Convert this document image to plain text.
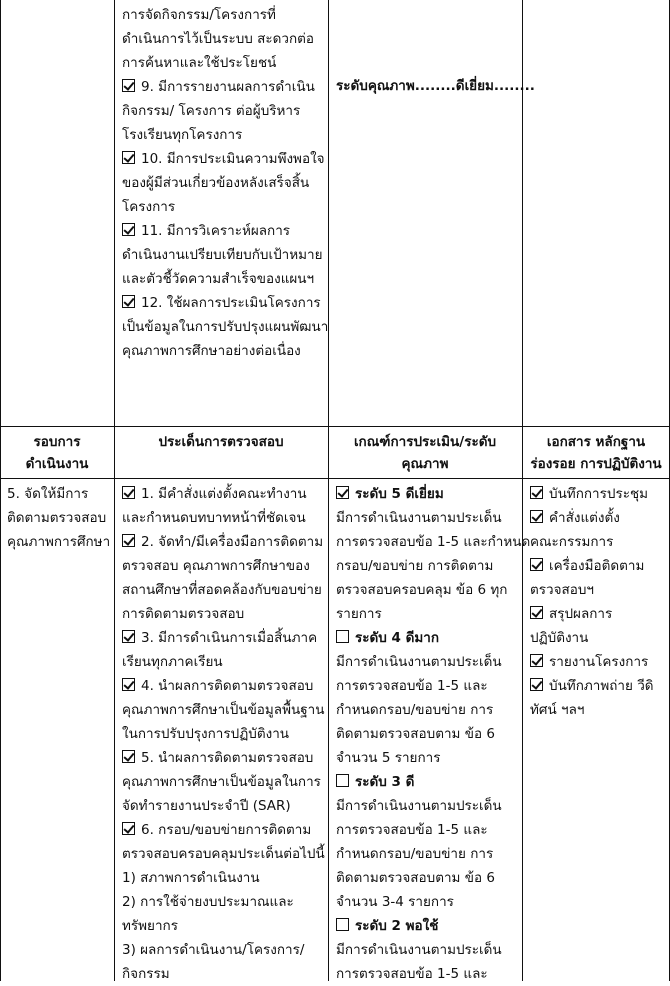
การจัดกิจกรรม/โครงการที่
ดำเนินการไว้เป็นระบบ สะดวกต่อ
การค้นหาและใช้ประโยชน์
9. มีการรายงานผลการดำเนิน
กิจกรรม/ โครงการ ต่อผู้บริหาร
โรงเรียนทุกโครงการ
10. มีการประเมินความพึงพอใจ
ของผู้มีส่วนเกี่ยวข้องหลังเสร็จสิ้น
โครงการ
11. มีการวิเคราะห์ผลการ
ดำเนินงานเปรียบเทียบกับเป้าหมาย
และตัวชี้วัดความสำเร็จของแผนฯ
12. ใช้ผลการประเมินโครงการ
เป็นข้อมูลในการปรับปรุงแผนพัฒนา
คุณภาพการศึกษาอย่างต่อเนื่อง
ระดับคุณภาพ........ดีเยี่ยม........
รอบการ
ดำเนินงาน
ประเด็นการตรวจสอบ	เกณฑ์การประเมิน/ระดับ
คุณภาพ
เอกสาร หลักฐาน
ร่องรอย การปฏิบัติงาน
5. จัดให้มีการ
ติดตามตรวจสอบ
คุณภาพการศึกษา
1. มีคำสั่งแต่งตั้งคณะทำงาน
และกำหนดบทบาทหน้าที่ชัดเจน
2. จัดทำ/มีเครื่องมือการติดตาม
ตรวจสอบ คุณภาพการศึกษาของ
สถานศึกษาที่สอดคล้องกับขอบข่าย
การติดตามตรวจสอบ
3. มีการดำเนินการเมื่อสิ้นภาค
เรียนทุกภาคเรียน
4. นำผลการติดตามตรวจสอบ
คุณภาพการศึกษาเป็นข้อมูลพื้นฐาน
ในการปรับปรุงการปฏิบัติงาน
5. นำผลการติดตามตรวจสอบ
คุณภาพการศึกษาเป็นข้อมูลในการ
จัดทำรายงานประจำปี (SAR)
6. กรอบ/ขอบข่ายการติดตาม
ตรวจสอบครอบคลุมประเด็นต่อไปนี้
1) สภาพการดำเนินงาน
2) การใช้จ่ายงบประมาณและ
ทรัพยากร
3) ผลการดำเนินงาน/โครงการ/
กิจกรรม
ระดับ 5 ดีเยี่ยม
มีการดำเนินงานตามประเด็น
การตรวจสอบข้อ 1-5 และกำหนด
กรอบ/ขอบข่าย การติดตาม
ตรวจสอบครอบคลุม ข้อ 6 ทุก
รายการ
ระดับ 4 ดีมาก
มีการดำเนินงานตามประเด็น
การตรวจสอบข้อ 1-5 และ
กำหนดกรอบ/ขอบข่าย การ
ติดตามตรวจสอบตาม ข้อ 6
จำนวน 5 รายการ
ระดับ 3 ดี
มีการดำเนินงานตามประเด็น
การตรวจสอบข้อ 1-5 และ
กำหนดกรอบ/ขอบข่าย การ
ติดตามตรวจสอบตาม ข้อ 6
จำนวน 3-4 รายการ
ระดับ 2 พอใช้
มีการดำเนินงานตามประเด็น
การตรวจสอบข้อ 1-5 และ
บันทึกการประชุม
คำสั่งแต่งตั้ง
คณะกรรมการ
เครื่องมือติดตาม
ตรวจสอบฯ
สรุปผลการ
ปฏิบัติงาน
รายงานโครงการ
บันทึกภาพถ่าย วีดิ
ทัศน์ ฯลฯ
